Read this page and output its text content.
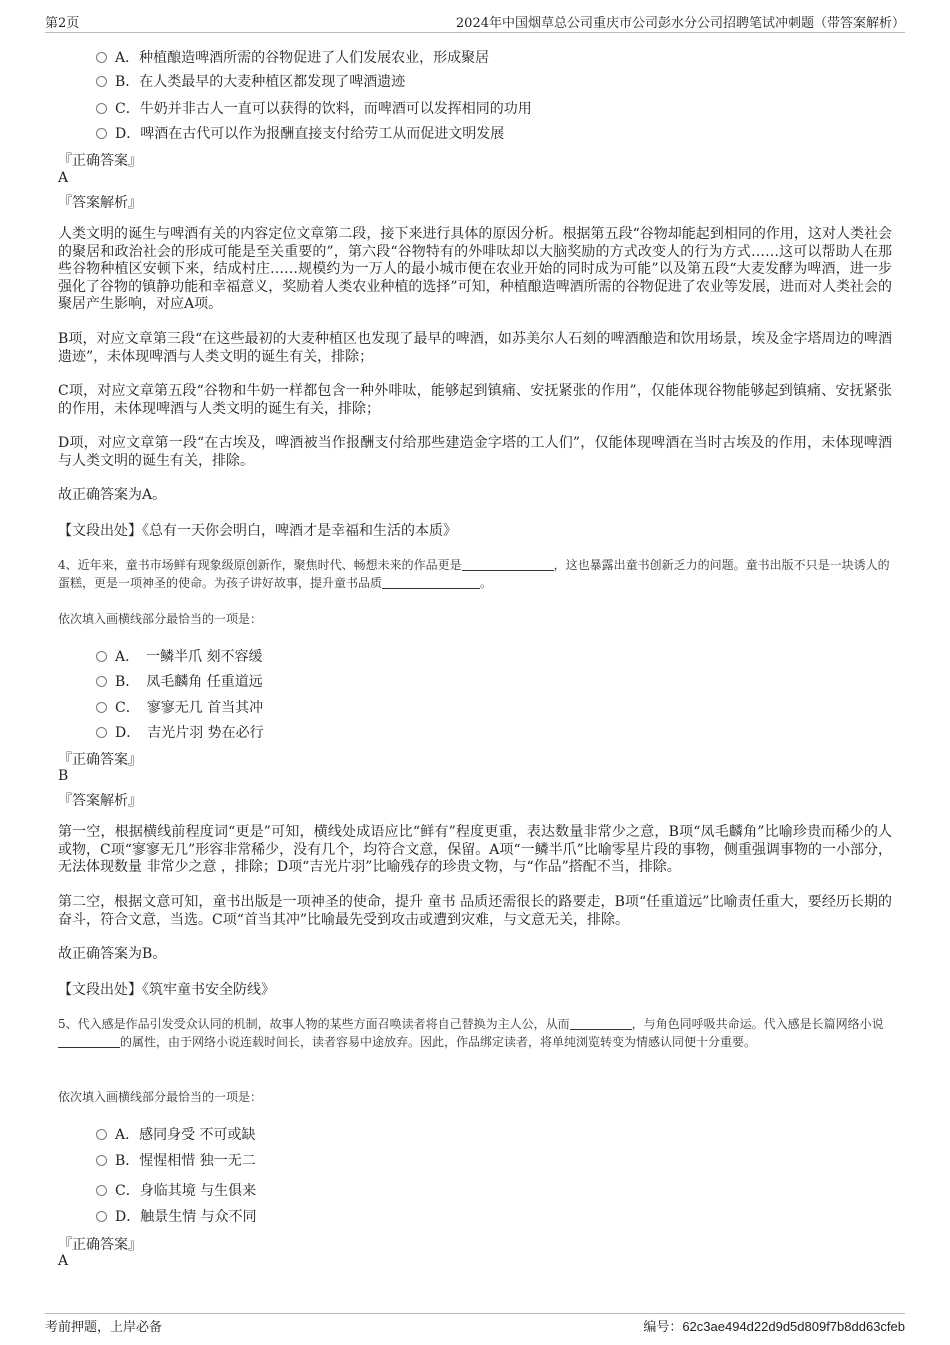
第2页	2024年中国烟草总公司重庆市公司彭水分公司招聘笔试冲刺题（带答案解析）
A．种植酿造啤酒所需的谷物促进了人们发展农业，形成聚居
B．在人类最早的大麦种植区都发现了啤酒遗迹
C．牛奶并非古人一直可以获得的饮料，而啤酒可以发挥相同的功用
D．啤酒在古代可以作为报酬直接支付给劳工从而促进文明发展
『正确答案』
A
『答案解析』
人类文明的诞生与啤酒有关的内容定位文章第二段，接下来进行具体的原因分析。根据第五段“谷物却能起到相同的作用，这对人类社会的聚居和政治社会的形成可能是至关重要的”，第六段“谷物特有的外啡呔却以大脑奖励的方式改变人的行为方式……这可以帮助人在那些谷物种植区安顿下来，结成村庄……规模约为一万人的最小城市便在农业开始的同时成为可能”以及第五段“大麦发酵为啤酒，进一步强化了谷物的镇静功能和幸福意义，奖励着人类农业种植的选择”可知，种植酿造啤酒所需的谷物促进了农业等发展，进而对人类社会的聚居产生影响，对应A项。
B项，对应文章第三段“在这些最初的大麦种植区也发现了最早的啤酒，如苏美尔人石刻的啤酒酿造和饮用场景，埃及金字塔周边的啤酒遗迹”，未体现啤酒与人类文明的诞生有关，排除；
C项，对应文章第五段“谷物和牛奶一样都包含一种外啡呔，能够起到镇痛、安抚紧张的作用”，仅能体现谷物能够起到镇痛、安抚紧张的作用，未体现啤酒与人类文明的诞生有关，排除；
D项，对应文章第一段“在古埃及，啤酒被当作报酬支付给那些建造金字塔的工人们”，仅能体现啤酒在当时古埃及的作用，未体现啤酒与人类文明的诞生有关，排除。
故正确答案为A。
【文段出处】《总有一天你会明白，啤酒才是幸福和生活的本质》
4、近年来，童书市场鲜有现象级原创新作，聚焦时代、畅想未来的作品更是	，这也暴露出童书创新乏力的问题。童书出版不只是一块诱人的蛋糕，更是一项神圣的使命。为孩子讲好故事，提升童书品质	。
依次填入画横线部分最恰当的一项是：
A．　一鳞半爪 刻不容缓
B．　凤毛麟角 任重道远
C．　寥寥无几 首当其冲
D．　吉光片羽 势在必行
『正确答案』
B
『答案解析』
第一空，根据横线前程度词“更是”可知，横线处成语应比“鲜有”程度更重，表达数量非常少之意，B项“凤毛麟角”比喻珍贵而稀少的人或物，C项“寥寥无几”形容非常稀少，没有几个，均符合文意，保留。A项“一鳞半爪”比喻零星片段的事物，侧重强调事物的一小部分，无法体现数量 非常少之意 ，排除；D项“吉光片羽”比喻残存的珍贵文物，与“作品”搭配不当，排除。
第二空，根据文意可知，童书出版是一项神圣的使命，提升 童书 品质还需很长的路要走，B项“任重道远”比喻责任重大，要经历长期的奋斗，符合文意，当选。C项“首当其冲”比喻最先受到攻击或遭到灾难，与文意无关，排除。
故正确答案为B。
【文段出处】《筑牢童书安全防线》
5、代入感是作品引发受众认同的机制，故事人物的某些方面召唤读者将自己替换为主人公，从而	，与角色同呼吸共命运。代入感是长篇网络小说的属性，由于网络小说连载时间长，读者容易中途放弃。因此，作品绑定读者，将单纯浏览转变为情感认同便十分重要。
依次填入画横线部分最恰当的一项是：
A．感同身受 不可或缺
B．惺惺相惜 独一无二
C．身临其境 与生俱来
D．触景生情 与众不同
『正确答案』
A
考前押题，上岸必备	编号：62c3ae494d22d9d5d809f7b8dd63cfeb
